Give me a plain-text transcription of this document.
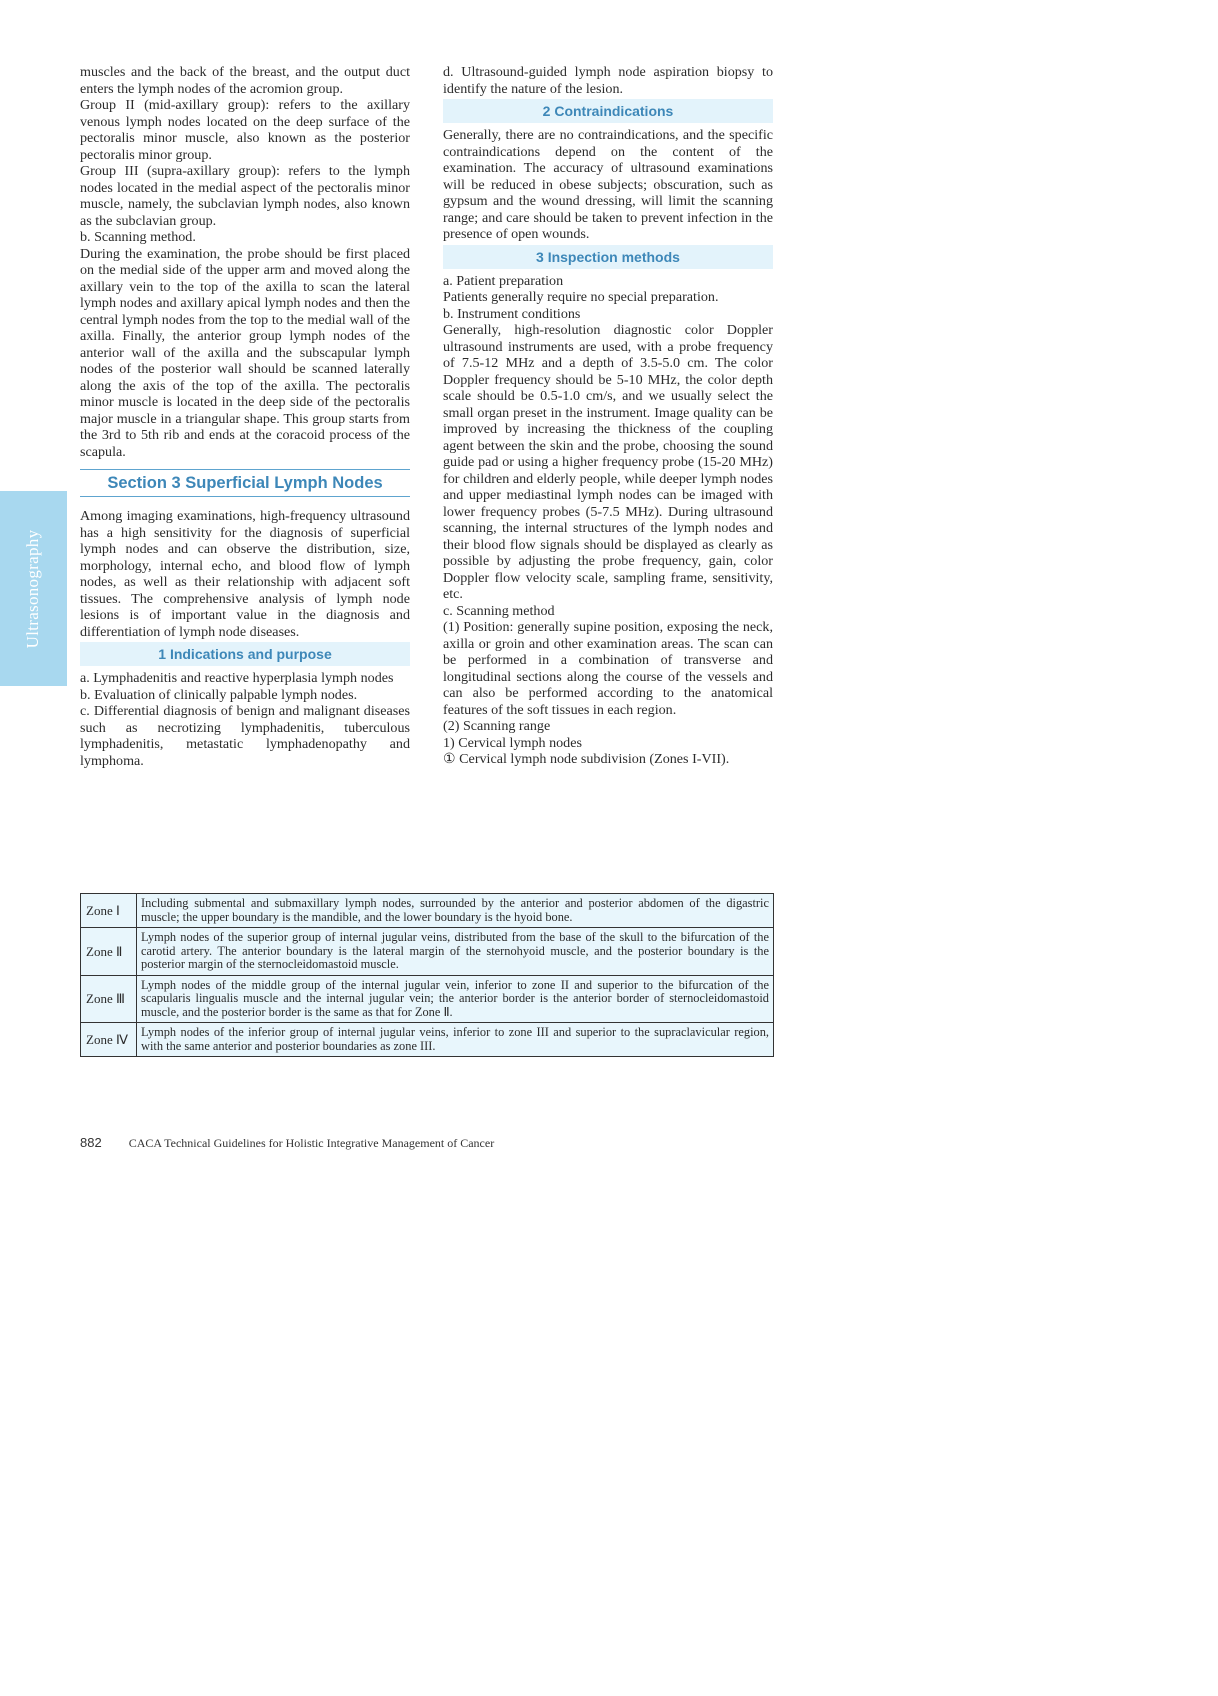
Ultrasonography

muscles and the back of the breast, and the output duct enters the lymph nodes of the acromion group.

Group II (mid-axillary group): refers to the axillary venous lymph nodes located on the deep surface of the pectoralis minor muscle, also known as the posterior pectoralis minor group.

Group III (supra-axillary group): refers to the lymph nodes located in the medial aspect of the pectoralis minor muscle, namely, the subclavian lymph nodes, also known as the subclavian group.

b. Scanning method.

During the examination, the probe should be first placed on the medial side of the upper arm and moved along the axillary vein to the top of the axilla to scan the lateral lymph nodes and axillary apical lymph nodes and then the central lymph nodes from the top to the medial wall of the axilla. Finally, the anterior group lymph nodes of the anterior wall of the axilla and the subscapular lymph nodes of the posterior wall should be scanned laterally along the axis of the top of the axilla. The pectoralis minor muscle is located in the deep side of the pectoralis major muscle in a triangular shape. This group starts from the 3rd to 5th rib and ends at the coracoid process of the scapula.

Section 3 Superficial Lymph Nodes

Among imaging examinations, high-frequency ultrasound has a high sensitivity for the diagnosis of superficial lymph nodes and can observe the distribution, size, morphology, internal echo, and blood flow of lymph nodes, as well as their relationship with adjacent soft tissues. The comprehensive analysis of lymph node lesions is of important value in the diagnosis and differentiation of lymph node diseases.

1 Indications and purpose

a. Lymphadenitis and reactive hyperplasia lymph nodes

b. Evaluation of clinically palpable lymph nodes.

c. Differential diagnosis of benign and malignant diseases such as necrotizing lymphadenitis, tuberculous lymphadenitis, metastatic lymphadenopathy and lymphoma.

d. Ultrasound-guided lymph node aspiration biopsy to identify the nature of the lesion.

2 Contraindications

Generally, there are no contraindications, and the specific contraindications depend on the content of the examination. The accuracy of ultrasound examinations will be reduced in obese subjects; obscuration, such as gypsum and the wound dressing, will limit the scanning range; and care should be taken to prevent infection in the presence of open wounds.

3 Inspection methods

a. Patient preparation

Patients generally require no special preparation.

b. Instrument conditions

Generally, high-resolution diagnostic color Doppler ultrasound instruments are used, with a probe frequency of 7.5-12 MHz and a depth of 3.5-5.0 cm. The color Doppler frequency should be 5-10 MHz, the color depth scale should be 0.5-1.0 cm/s, and we usually select the small organ preset in the instrument. Image quality can be improved by increasing the thickness of the coupling agent between the skin and the probe, choosing the sound guide pad or using a higher frequency probe (15-20 MHz) for children and elderly people, while deeper lymph nodes and upper mediastinal lymph nodes can be imaged with lower frequency probes (5-7.5 MHz). During ultrasound scanning, the internal structures of the lymph nodes and their blood flow signals should be displayed as clearly as possible by adjusting the probe frequency, gain, color Doppler flow velocity scale, sampling frame, sensitivity, etc.

c. Scanning method

(1) Position: generally supine position, exposing the neck, axilla or groin and other examination areas. The scan can be performed in a combination of transverse and longitudinal sections along the course of the vessels and can also be performed according to the anatomical features of the soft tissues in each region.

(2) Scanning range

1) Cervical lymph nodes

① Cervical lymph node subdivision (Zones I-VII).

Zone Ⅰ	Including submental and submaxillary lymph nodes, surrounded by the anterior and posterior abdomen of the digastric muscle; the upper boundary is the mandible, and the lower boundary is the hyoid bone.
Zone Ⅱ	Lymph nodes of the superior group of internal jugular veins, distributed from the base of the skull to the bifurcation of the carotid artery. The anterior boundary is the lateral margin of the sternohyoid muscle, and the posterior boundary is the posterior margin of the sternocleidomastoid muscle.
Zone Ⅲ	Lymph nodes of the middle group of the internal jugular vein, inferior to zone II and superior to the bifurcation of the scapularis lingualis muscle and the internal jugular vein; the anterior border is the anterior border of sternocleidomastoid muscle, and the posterior border is the same as that for Zone Ⅱ.
Zone Ⅳ	Lymph nodes of the inferior group of internal jugular veins, inferior to zone III and superior to the supraclavicular region, with the same anterior and posterior boundaries as zone III.
882 CACA Technical Guidelines for Holistic Integrative Management of Cancer
